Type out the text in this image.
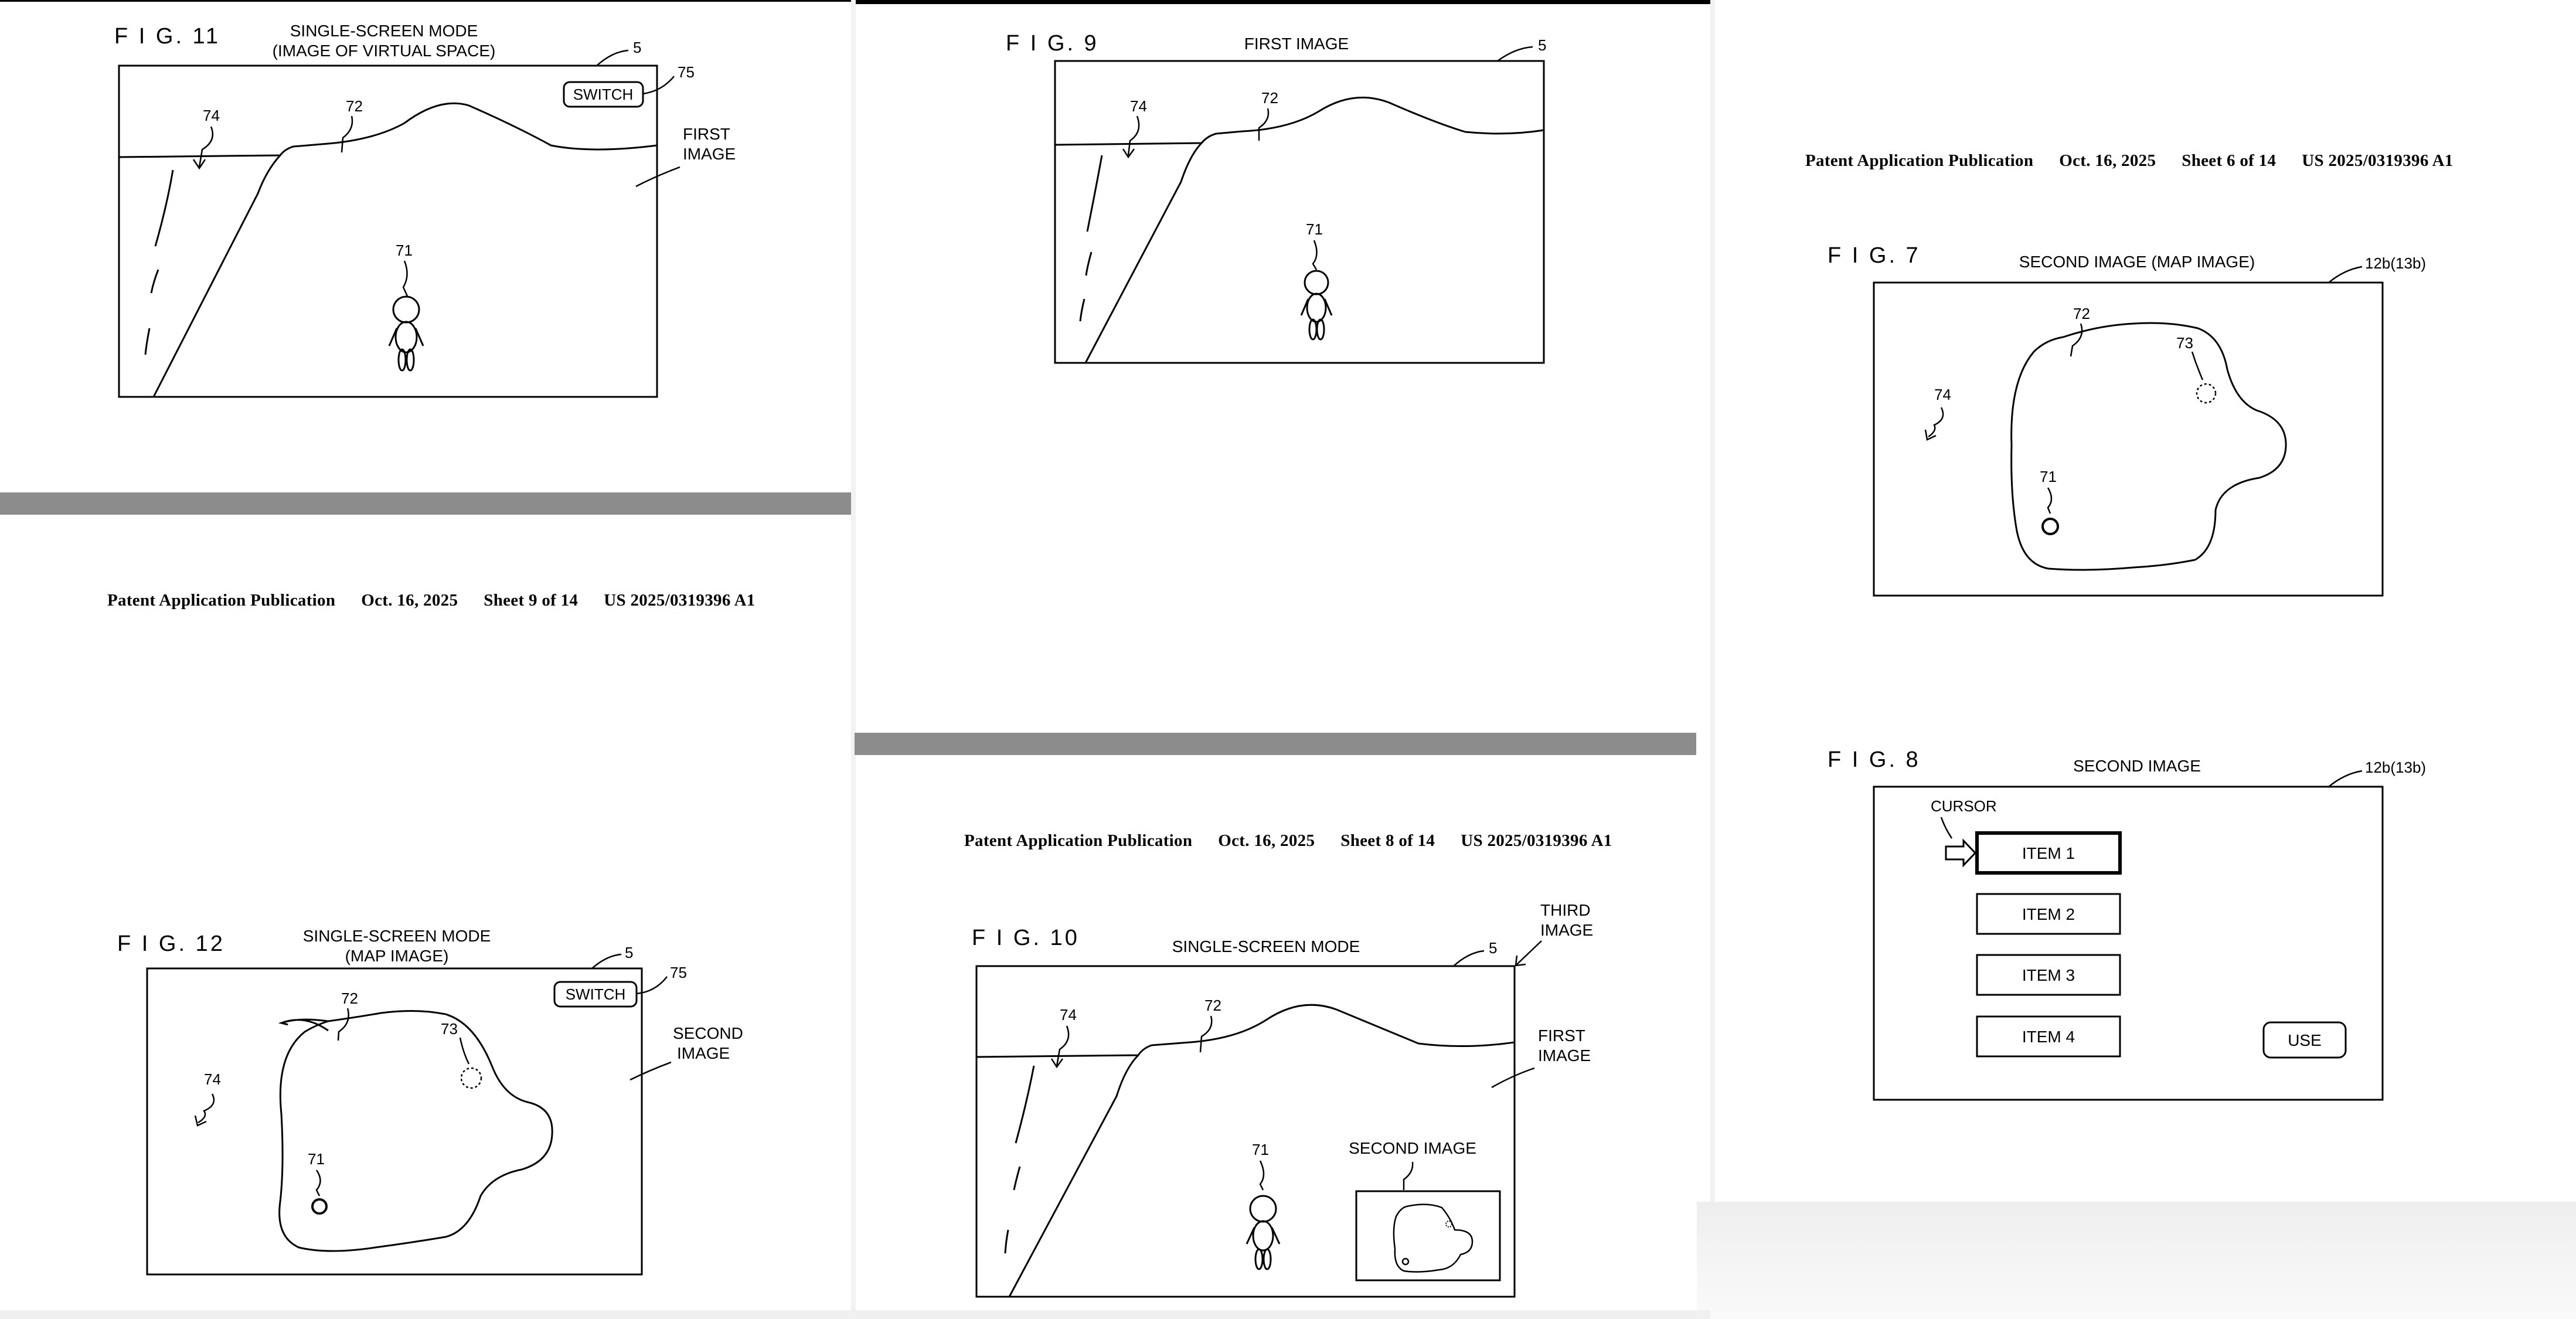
Patent Application Publication Oct. 16, 2025 Sheet 9 of 14 US 2025/0319396 A1
Patent Application Publication Oct. 16, 2025 Sheet 8 of 14 US 2025/0319396 A1
Patent Application Publication Oct. 16, 2025 Sheet 6 of 14 US 2025/0319396 A1
F I G. 11	SINGLE-SCREEN MODE
(IMAGE OF VIRTUAL SPACE)	5
SWITCH
75
FIRST
IMAGE
74
72
71
F I G. 12	SINGLE-SCREEN MODE
(MAP IMAGE)	5
SWITCH
75
SECOND
IMAGE
72
73
74
71
F I G. 9	FIRST IMAGE	5
74	72
71
F I G. 10	SINGLE-SCREEN MODE	5
THIRD
IMAGE
FIRST
IMAGE
74
72
71	SECOND IMAGE
F I G. 7	SECOND IMAGE (MAP IMAGE)	12b(13b)
72
73
74
71
F I G. 8	SECOND IMAGE	12b(13b)
CURSOR
ITEM 1
ITEM 2
ITEM 3
ITEM 4	USE
